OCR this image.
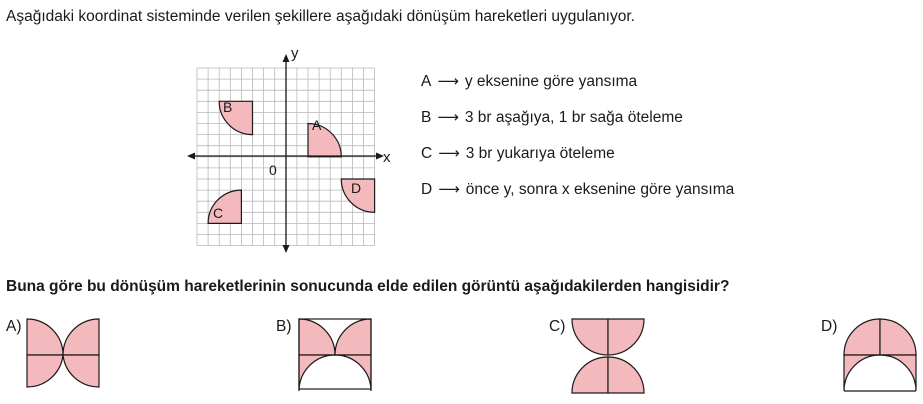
Aşağıdaki koordinat sisteminde verilen şekillere aşağıdaki dönüşüm hareketleri uygulanıyor.
x
y
0
A
B
C
D
A ⟶ y eksenine göre yansıma
B ⟶ 3 br aşağıya, 1 br sağa öteleme
C ⟶ 3 br yukarıya öteleme
D ⟶ önce y, sonra x eksenine göre yansıma
Buna göre bu dönüşüm hareketlerinin sonucunda elde edilen görüntü aşağıdakilerden hangisidir?
A)	B)	C)	D)
